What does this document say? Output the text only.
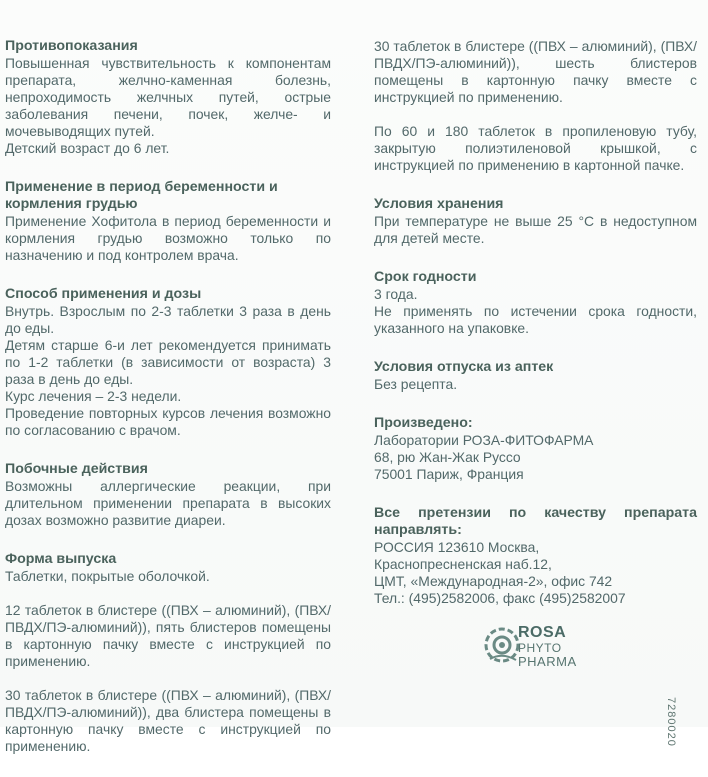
Противопоказания

Повышенная чувствительность к компонентам препарата, желчно-каменная болезнь, непроходимость желчных путей, острые заболевания печени, почек, желче- и мочевыводящих путей.

Детский возраст до 6 лет.

Применение в период беременности и кормления грудью

Применение Хофитола в период беременности и кормления грудью возможно только по назначению и под контролем врача.

Способ применения и дозы

Внутрь. Взрослым по 2-3 таблетки 3 раза в день до еды.

Детям старше 6-и лет рекомендуется принимать по 1-2 таблетки (в зависимости от возраста) 3 раза в день до еды.

Курс лечения – 2-3 недели.

Проведение повторных курсов лечения возможно по согласованию с врачом.

Побочные действия

Возможны аллергические реакции, при длительном применении препарата в высоких дозах возможно развитие диареи.

Форма выпуска

Таблетки, покрытые оболочкой.

12 таблеток в блистере ((ПВХ – алюминий), (ПВХ/ ПВДХ/ПЭ-алюминий)), пять блистеров помещены в картонную пачку вместе с инструкцией по применению.

30 таблеток в блистере ((ПВХ – алюминий), (ПВХ/ ПВДХ/ПЭ-алюминий)), два блистера помещены в картонную пачку вместе с инструкцией по применению.

30 таблеток в блистере ((ПВХ – алюминий), (ПВХ/ ПВДХ/ПЭ-алюминий)), шесть блистеров помещены в картонную пачку вместе с инструкцией по применению.

По 60 и 180 таблеток в пропиленовую тубу, закрытую полиэтиленовой крышкой, с инструкцией по применению в картонной пачке.

Условия хранения

При температуре не выше 25 °C в недоступном для детей месте.

Срок годности

3 года.

Не применять по истечении срока годности, указанного на упаковке.

Условия отпуска из аптек

Без рецепта.

Произведено:

Лаборатории РОЗА-ФИТОФАРМА

68, рю Жан-Жак Руссо

75001 Париж, Франция

Все претензии по качеству препарата направлять:

РОССИЯ 123610 Москва,

Краснопресненская наб.12,

ЦМТ, «Международная-2», офис 742

Тел.: (495)2582006, факс (495)2582007

ROSA
PHYTO
PHARMA
7280020
